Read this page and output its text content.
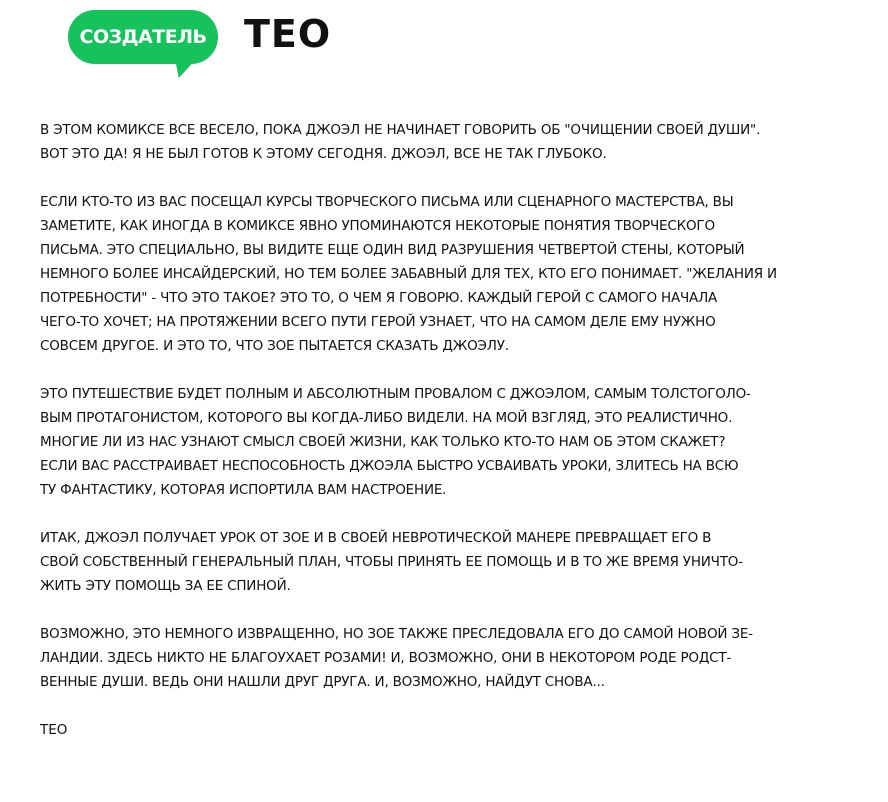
СОЗДАТЕЛЬ TEO
В ЭТОМ КОМИКСЕ ВСЕ ВЕСЕЛО, ПОКА ДЖОЭЛ НЕ НАЧИНАЕТ ГОВОРИТЬ ОБ "ОЧИЩЕНИИ СВОЕЙ ДУШИ".
ВОТ ЭТО ДА! Я НЕ БЫЛ ГОТОВ К ЭТОМУ СЕГОДНЯ. ДЖОЭЛ, ВСЕ НЕ ТАК ГЛУБОКО.
ЕСЛИ КТО-ТО ИЗ ВАС ПОСЕЩАЛ КУРСЫ ТВОРЧЕСКОГО ПИСЬМА ИЛИ СЦЕНАРНОГО МАСТЕРСТВА, ВЫ
ЗАМЕТИТЕ, КАК ИНОГДА В КОМИКСЕ ЯВНО УПОМИНАЮТСЯ НЕКОТОРЫЕ ПОНЯТИЯ ТВОРЧЕСКОГО
ПИСЬМА. ЭТО СПЕЦИАЛЬНО, ВЫ ВИДИТЕ ЕЩЕ ОДИН ВИД РАЗРУШЕНИЯ ЧЕТВЕРТОЙ СТЕНЫ, КОТОРЫЙ
НЕМНОГО БОЛЕЕ ИНСАЙДЕРСКИЙ, НО ТЕМ БОЛЕЕ ЗАБАВНЫЙ ДЛЯ ТЕХ, КТО ЕГО ПОНИМАЕТ. "ЖЕЛАНИЯ И
ПОТРЕБНОСТИ" - ЧТО ЭТО ТАКОЕ? ЭТО ТО, О ЧЕМ Я ГОВОРЮ. КАЖДЫЙ ГЕРОЙ С САМОГО НАЧАЛА
ЧЕГО-ТО ХОЧЕТ; НА ПРОТЯЖЕНИИ ВСЕГО ПУТИ ГЕРОЙ УЗНАЕТ, ЧТО НА САМОМ ДЕЛЕ ЕМУ НУЖНО
СОВСЕМ ДРУГОЕ. И ЭТО ТО, ЧТО ЗОЕ ПЫТАЕТСЯ СКАЗАТЬ ДЖОЭЛУ.
ЭТО ПУТЕШЕСТВИЕ БУДЕТ ПОЛНЫМ И АБСОЛЮТНЫМ ПРОВАЛОМ С ДЖОЭЛОМ, САМЫМ ТОЛСТОГОЛО-
ВЫМ ПРОТАГОНИСТОМ, КОТОРОГО ВЫ КОГДА-ЛИБО ВИДЕЛИ. НА МОЙ ВЗГЛЯД, ЭТО РЕАЛИСТИЧНО.
МНОГИЕ ЛИ ИЗ НАС УЗНАЮТ СМЫСЛ СВОЕЙ ЖИЗНИ, КАК ТОЛЬКО КТО-ТО НАМ ОБ ЭТОМ СКАЖЕТ?
ЕСЛИ ВАС РАССТРАИВАЕТ НЕСПОСОБНОСТЬ ДЖОЭЛА БЫСТРО УСВАИВАТЬ УРОКИ, ЗЛИТЕСЬ НА ВСЮ
ТУ ФАНТАСТИКУ, КОТОРАЯ ИСПОРТИЛА ВАМ НАСТРОЕНИЕ.
ИТАК, ДЖОЭЛ ПОЛУЧАЕТ УРОК ОТ ЗОЕ И В СВОЕЙ НЕВРОТИЧЕСКОЙ МАНЕРЕ ПРЕВРАЩАЕТ ЕГО В
СВОЙ СОБСТВЕННЫЙ ГЕНЕРАЛЬНЫЙ ПЛАН, ЧТОБЫ ПРИНЯТЬ ЕЕ ПОМОЩЬ И В ТО ЖЕ ВРЕМЯ УНИЧТО-
ЖИТЬ ЭТУ ПОМОЩЬ ЗА ЕЕ СПИНОЙ.
ВОЗМОЖНО, ЭТО НЕМНОГО ИЗВРАЩЕННО, НО ЗОЕ ТАКЖЕ ПРЕСЛЕДОВАЛА ЕГО ДО САМОЙ НОВОЙ ЗЕ-
ЛАНДИИ. ЗДЕСЬ НИКТО НЕ БЛАГОУХАЕТ РОЗАМИ! И, ВОЗМОЖНО, ОНИ В НЕКОТОРОМ РОДЕ РОДСТ-
ВЕННЫЕ ДУШИ. ВЕДЬ ОНИ НАШЛИ ДРУГ ДРУГА. И, ВОЗМОЖНО, НАЙДУТ СНОВА...
TEO
